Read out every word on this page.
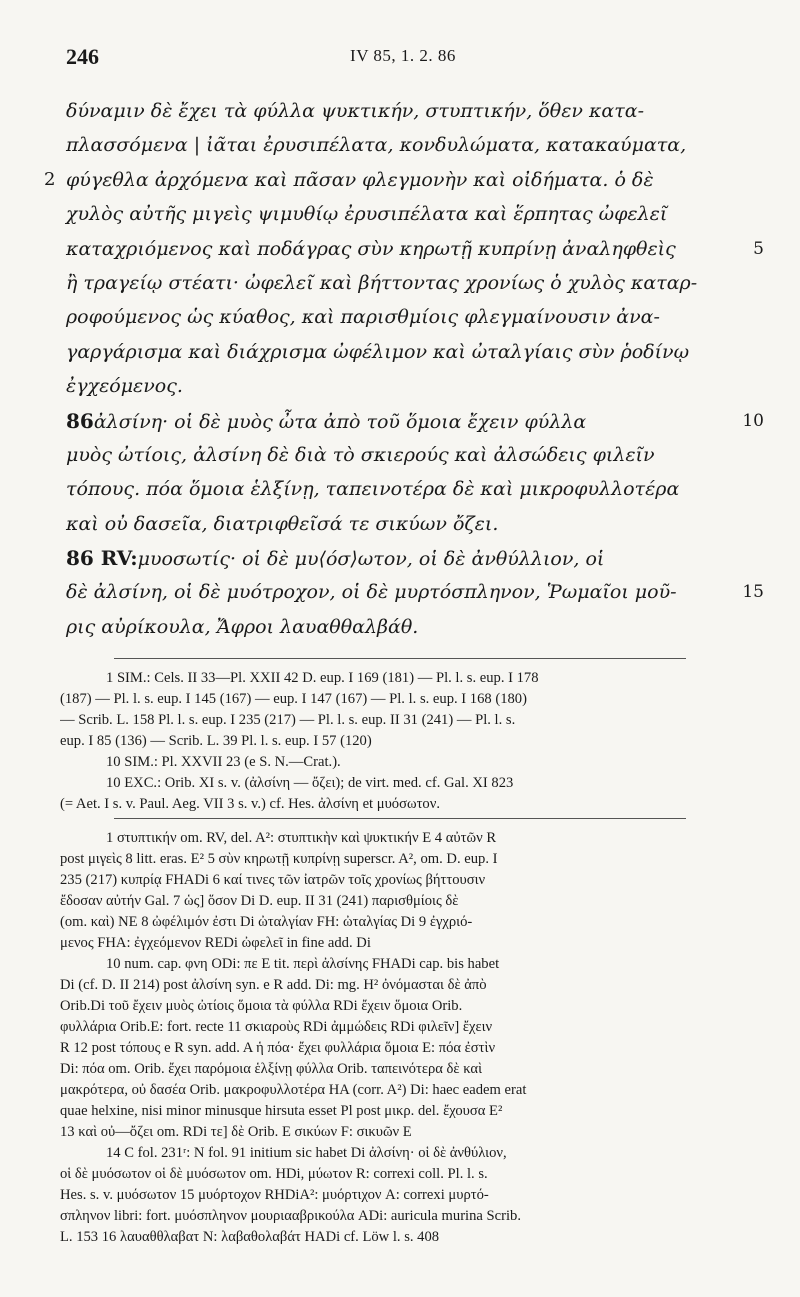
246	IV 85, 1. 2. 86
δύναμιν δὲ ἔχει τὰ φύλλα ψυκτικήν, στυπτικήν, ὅθεν κατα-
πλασσόμενα | ἰᾶται ἐρυσιπέλατα, κονδυλώματα, κατακαύματα,
2 φύγεθλα ἀρχόμενα καὶ πᾶσαν φλεγμονὴν καὶ οἰδήματα. ὁ δὲ
χυλὸς αὐτῆς μιγεὶς ψιμυθίῳ ἐρυσιπέλατα καὶ ἕρπητας ὠφελεῖ
καταχριόμενος καὶ ποδάγρας σὺν κηρωτῇ κυπρίνῃ ἀναληφθεὶς	5
ἢ τραγείῳ στέατι· ὠφελεῖ καὶ βήττοντας χρονίως ὁ χυλὸς καταρ-
ροφούμενος ὡς κύαθος, καὶ παρισθμίοις φλεγμαίνουσιν ἀνα-
γαργάρισμα καὶ διάχρισμα ὠφέλιμον καὶ ὠταλγίαις σὺν ῥοδίνῳ
ἐγχεόμενος.
86ἀλσίνη· οἱ δὲ μυὸς ὦτα ἀπὸ τοῦ ὅμοια ἔχειν φύλλα	10
μυὸς ὠτίοις, ἀλσίνη δὲ διὰ τὸ σκιερούς καὶ ἀλσώδεις φιλεῖν
τόπους. πόα ὅμοια ἑλξίνῃ, ταπεινοτέρα δὲ καὶ μικροφυλλοτέρα
καὶ οὐ δασεῖα, διατριφθεῖσά τε σικύων ὄζει.
86 RV:μυοσωτίς· οἱ δὲ μυ⟨όσ⟩ωτον, οἱ δὲ ἀνθύλλιον, οἱ
δὲ ἀλσίνη, οἱ δὲ μυότροχον, οἱ δὲ μυρτόσπληνον, Ῥωμαῖοι μοῦ-	15
ρις αὐρίκουλα, Ἄφροι λαυαθθαλβάθ.
1 SIM.: Cels. II 33—Pl. XXII 42 D. eup. I 169 (181) — Pl. l. s. eup. I 178
(187) — Pl. l. s. eup. I 145 (167) — eup. I 147 (167) — Pl. l. s. eup. I 168 (180)
— Scrib. L. 158 Pl. l. s. eup. I 235 (217) — Pl. l. s. eup. II 31 (241) — Pl. l. s.
eup. I 85 (136) — Scrib. L. 39 Pl. l. s. eup. I 57 (120)
10 SIM.: Pl. XXVII 23 (e S. N.—Crat.).
10 EXC.: Orib. XI s. v. (ἀλσίνη — ὄζει); de virt. med. cf. Gal. XI 823
(= Aet. I s. v. Paul. Aeg. VII 3 s. v.) cf. Hes. ἀλσίνη et μυόσωτον.
1 στυπτικήν om. RV, del. A²: στυπτικὴν καὶ ψυκτικήν E 4 αὐτῶν R
post μιγεὶς 8 litt. eras. E² 5 σὺν κηρωτῇ κυπρίνῃ superscr. A², om. D. eup. I
235 (217) κυπρίᾳ FHADi 6 καί τινες τῶν ἰατρῶν τοῖς χρονίως βήττουσιν
ἔδοσαν αὐτήν Gal. 7 ὡς] ὅσον Di D. eup. II 31 (241) παρισθμίοις δὲ
(om. καὶ) NE 8 ὠφέλιμόν ἐστι Di ὠταλγίαν FH: ὠταλγίας Di 9 ἐγχριό-
μενος FHA: ἐγχεόμενον REDi ὠφελεῖ in fine add. Di
10 num. cap. φνη ODi: πε E tit. περὶ ἀλσίνης FHADi cap. bis habet
Di (cf. D. II 214) post ἀλσίνη syn. e R add. Di: mg. H² ὀνόμασται δὲ ἀπὸ
Orib.Di τοῦ ἔχειν μυὸς ὠτίοις ὅμοια τὰ φύλλα RDi ἔχειν ὅμοια Orib.
φυλλάρια Orib.E: fort. recte 11 σκιαροὺς RDi ἀμμώδεις RDi φιλεῖν] ἔχειν
R 12 post τόπους e R syn. add. A ἡ πόα· ἔχει φυλλάρια ὅμοια E: πόα ἐστὶν
Di: πόα om. Orib. ἔχει παρόμοια ἑλξίνῃ φύλλα Orib. ταπεινότερα δὲ καὶ
μακρότερα, οὐ δασέα Orib. μακροφυλλοτέρα HA (corr. A²) Di: haec eadem erat
quae helxine, nisi minor minusque hirsuta esset Pl post μικρ. del. ἔχουσα E²
13 καὶ οὐ—ὄζει om. RDi τε] δὲ Orib. E σικύων F: σικυῶν E
14 C fol. 231ʳ: N fol. 91 initium sic habet Di ἀλσίνη· οἱ δὲ ἀνθύλιον,
οἱ δὲ μυόσωτον οἱ δὲ μυόσωτον om. HDi, μύωτον R: correxi coll. Pl. l. s.
Hes. s. v. μυόσωτον 15 μυόρτοχον RHDiA²: μυόρτιχον A: correxi μυρτό-
σπληνον libri: fort. μυόσπληνον μουριααβρικούλα ADi: auricula murina Scrib.
L. 153 16 λαυαθθλαβατ N: λαβαθολαβάτ HADi cf. Löw l. s. 408
